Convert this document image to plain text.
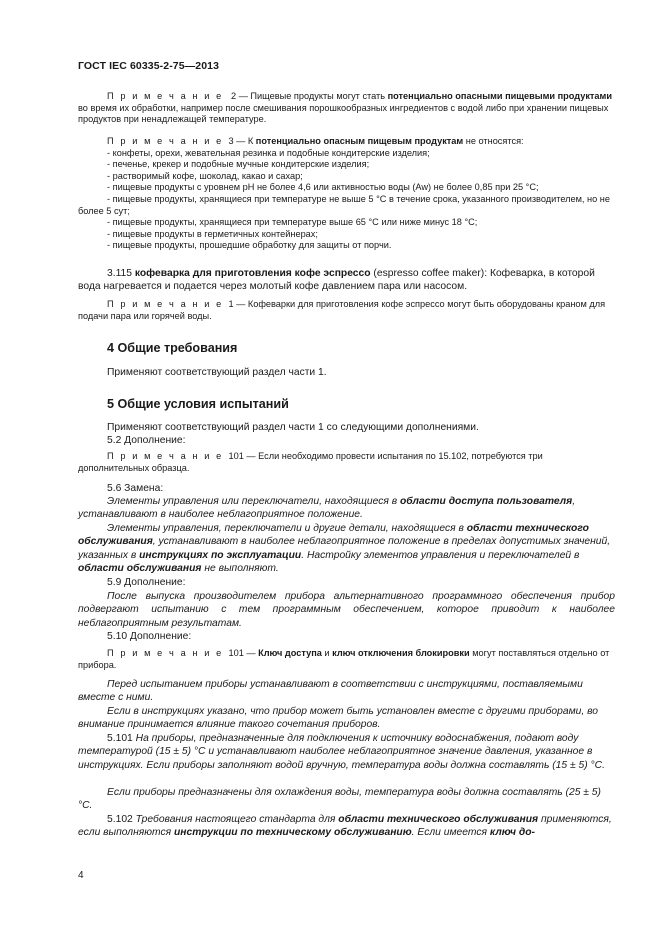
ГОСТ IEC 60335-2-75—2013
П р и м е ч а н и е 2 — Пищевые продукты могут стать потенциально опасными пищевыми продуктами во время их обработки, например после смешивания порошкообразных ингредиентов с водой либо при хранении пищевых продуктов при ненадлежащей температуре.
П р и м е ч а н и е 3 — К потенциально опасным пищевым продуктам не относятся:
- конфеты, орехи, жевательная резинка и подобные кондитерские изделия;
- печенье, крекер и подобные мучные кондитерские изделия;
- растворимый кофе, шоколад, какао и сахар;
- пищевые продукты с уровнем pH не более 4,6 или активностью воды (Aw) не более 0,85 при 25 °C;
- пищевые продукты, хранящиеся при температуре не выше 5 °C в течение срока, указанного производителем, но не более 5 сут;
- пищевые продукты, хранящиеся при температуре выше 65 °C или ниже минус 18 °C;
- пищевые продукты в герметичных контейнерах;
- пищевые продукты, прошедшие обработку для защиты от порчи.
3.115 кофеварка для приготовления кофе эспрессо (espresso coffee maker): Кофеварка, в которой вода нагревается и подается через молотый кофе давлением пара или насосом.
П р и м е ч а н и е 1 — Кофеварки для приготовления кофе эспрессо могут быть оборудованы краном для подачи пара или горячей воды.
4 Общие требования
Применяют соответствующий раздел части 1.
5 Общие условия испытаний
Применяют соответствующий раздел части 1 со следующими дополнениями.
5.2 Дополнение:
П р и м е ч а н и е 101 — Если необходимо провести испытания по 15.102, потребуются три дополнительных образца.
5.6 Замена:
Элементы управления или переключатели, находящиеся в области доступа пользователя, устанавливают в наиболее неблагоприятное положение.
Элементы управления, переключатели и другие детали, находящиеся в области технического обслуживания, устанавливают в наиболее неблагоприятное положение в пределах допустимых значений, указанных в инструкциях по эксплуатации. Настройку элементов управления и переключателей в области обслуживания не выполняют.
5.9 Дополнение:
После выпуска производителем прибора альтернативного программного обеспечения прибор подвергают испытанию с тем программным обеспечением, которое приводит к наиболее неблагоприятным результатам.
5.10 Дополнение:
П р и м е ч а н и е 101 — Ключ доступа и ключ отключения блокировки могут поставляться отдельно от прибора.
Перед испытанием приборы устанавливают в соответствии с инструкциями, поставляемыми вместе с ними.
Если в инструкциях указано, что прибор может быть установлен вместе с другими приборами, во внимание принимается влияние такого сочетания приборов.
5.101 На приборы, предназначенные для подключения к источнику водоснабжения, подают воду температурой (15 ± 5) °C и устанавливают наиболее неблагоприятное значение давления, указанное в инструкциях. Если приборы заполняют водой вручную, температура воды должна составлять (15 ± 5) °C.
Если приборы предназначены для охлаждения воды, температура воды должна составлять (25 ± 5) °C.
5.102 Требования настоящего стандарта для области технического обслуживания применяются, если выполняются инструкции по техническому обслуживанию. Если имеется ключ до-
4
